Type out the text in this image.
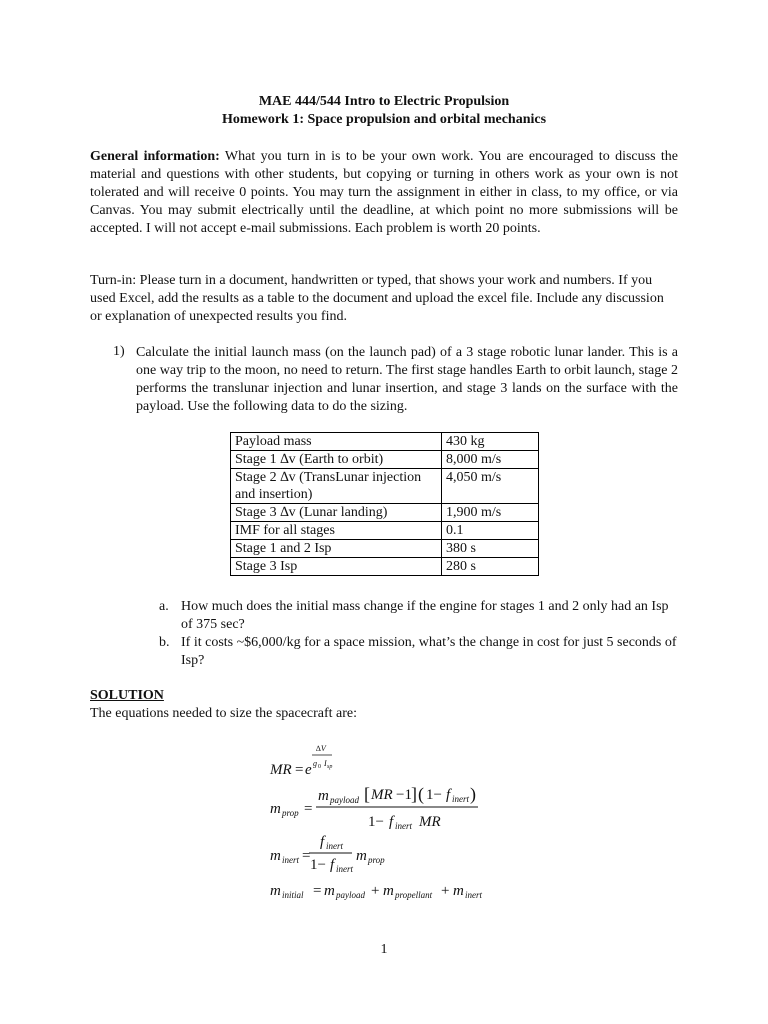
MAE 444/544 Intro to Electric Propulsion
Homework 1: Space propulsion and orbital mechanics
General information: What you turn in is to be your own work. You are encouraged to discuss the material and questions with other students, but copying or turning in others work as your own is not tolerated and will receive 0 points. You may turn the assignment in either in class, to my office, or via Canvas. You may submit electrically until the deadline, at which point no more submissions will be accepted. I will not accept e-mail submissions. Each problem is worth 20 points.
Turn-in: Please turn in a document, handwritten or typed, that shows your work and numbers. If you used Excel, add the results as a table to the document and upload the excel file. Include any discussion or explanation of unexpected results you find.
1) Calculate the initial launch mass (on the launch pad) of a 3 stage robotic lunar lander. This is a one way trip to the moon, no need to return. The first stage handles Earth to orbit launch, stage 2 performs the translunar injection and lunar insertion, and stage 3 lands on the surface with the payload. Use the following data to do the sizing.
Payload mass	430 kg
Stage 1 ∆v (Earth to orbit)	8,000 m/s
Stage 2 ∆v (TransLunar injection and insertion)	4,050 m/s
Stage 3 ∆v (Lunar landing)	1,900 m/s
IMF for all stages	0.1
Stage 1 and 2 Isp	380 s
Stage 3 Isp	280 s
a. How much does the initial mass change if the engine for stages 1 and 2 only had an Isp of 375 sec?
b. If it costs ~$6,000/kg for a space mission, what’s the change in cost for just 5 seconds of Isp?
SOLUTION
The equations needed to size the spacecraft are:
MR = e
∆V
g 0 I sp
m prop =
m payload [ MR −1 ] ( 1− f inert )
1− f inert MR
m inert =
f inert
1− f inert
m prop
m initial = m payload + m propellant + m inert
1
